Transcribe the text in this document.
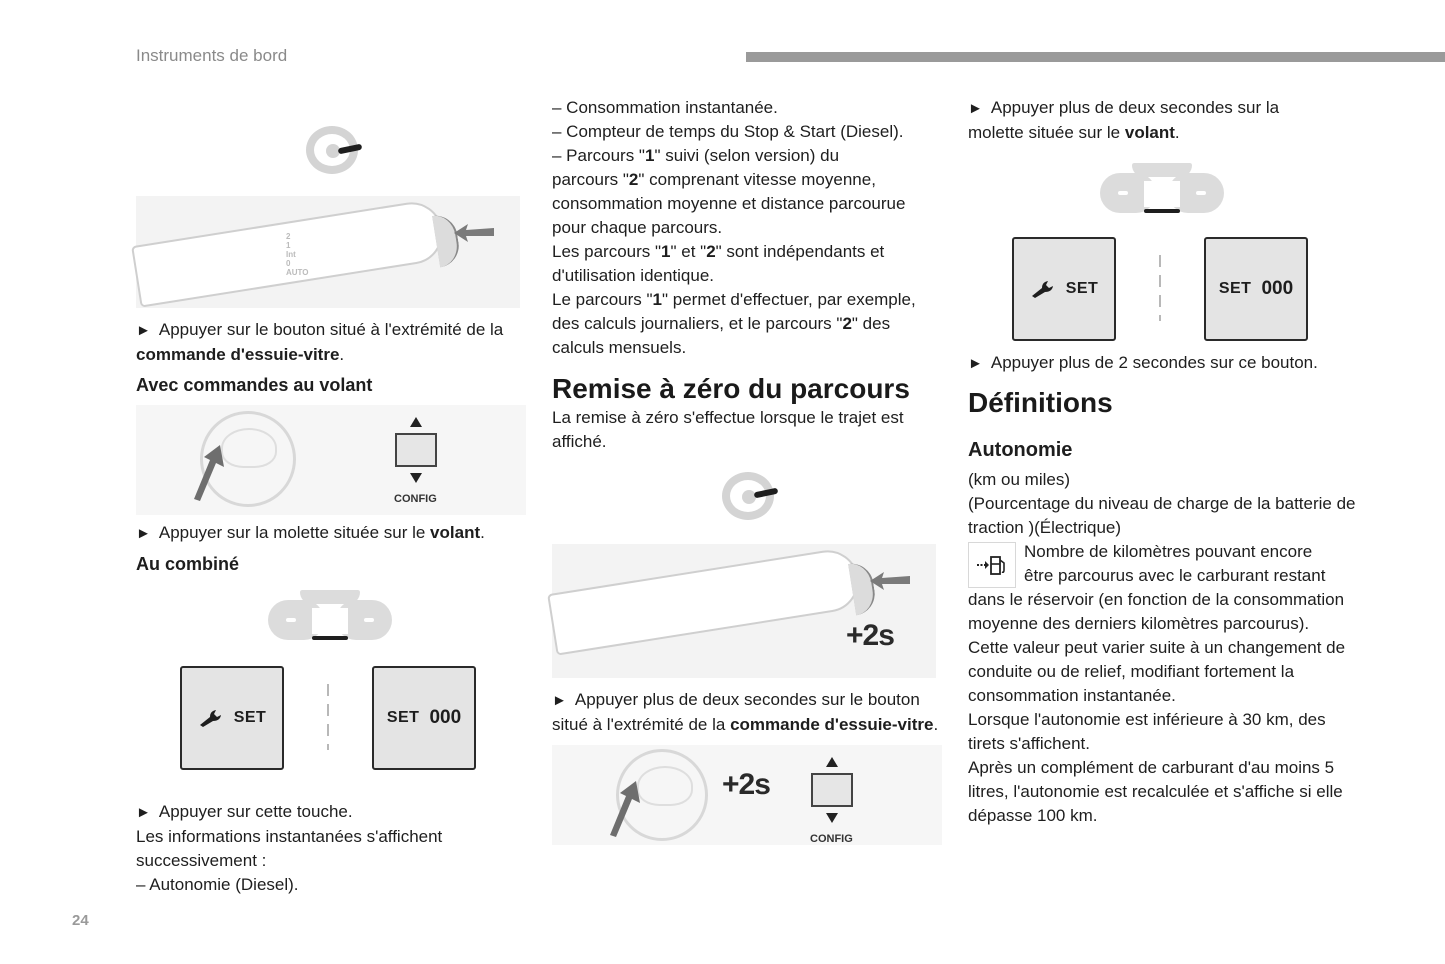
Instruments de bord
24
2
1
Int
0
AUTO
► Appuyer sur le bouton situé à l'extrémité de la commande d'essuie-vitre.
Avec commandes au volant
CONFIG
► Appuyer sur la molette située sur le volant.
Au combiné
SET	SET 000
► Appuyer sur cette touche.
Les informations instantanées s'affichent
successivement :
– Autonomie (Diesel).
– Consommation instantanée.
– Compteur de temps du Stop & Start (Diesel).
– Parcours "1" suivi (selon version) du
parcours "2" comprenant vitesse moyenne,
consommation moyenne et distance parcourue
pour chaque parcours.
Les parcours "1" et "2" sont indépendants et
d'utilisation identique.
Le parcours "1" permet d'effectuer, par exemple,
des calculs journaliers, et le parcours "2" des
calculs mensuels.
Remise à zéro du parcours
La remise à zéro s'effectue lorsque le trajet est affiché.
+2s
► Appuyer plus de deux secondes sur le bouton situé à l'extrémité de la commande d'essuie-vitre.
+2s
CONFIG
► Appuyer plus de deux secondes sur la molette située sur le volant.
SET	SET 000
► Appuyer plus de 2 secondes sur ce bouton.
Définitions
Autonomie
(km ou miles)
(Pourcentage du niveau de charge de la batterie de traction )(Électrique)
Nombre de kilomètres pouvant encore
être parcourus avec le carburant restant
dans le réservoir (en fonction de la consommation moyenne des derniers kilomètres parcourus).
Cette valeur peut varier suite à un changement de conduite ou de relief, modifiant fortement la consommation instantanée.
Lorsque l'autonomie est inférieure à 30 km, des tirets s'affichent.
Après un complément de carburant d'au moins 5 litres, l'autonomie est recalculée et s'affiche si elle dépasse 100 km.
